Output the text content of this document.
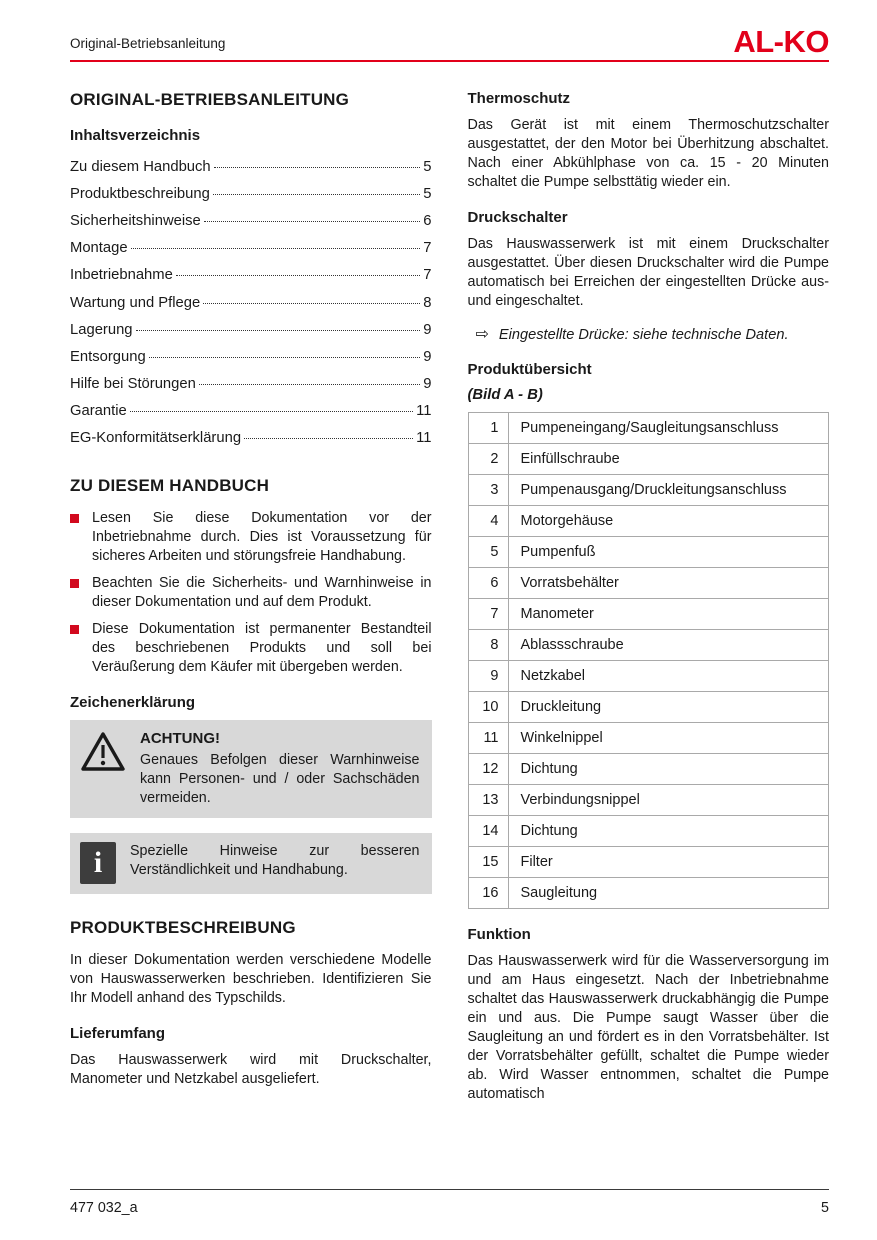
Original-Betriebsanleitung	AL-KO
ORIGINAL-BETRIEBSANLEITUNG
Inhaltsverzeichnis
Zu diesem Handbuch	5
Produktbeschreibung	5
Sicherheitshinweise	6
Montage	7
Inbetriebnahme	7
Wartung und Pflege	8
Lagerung	9
Entsorgung	9
Hilfe bei Störungen	9
Garantie	11
EG-Konformitätserklärung	11
ZU DIESEM HANDBUCH
Lesen Sie diese Dokumentation vor der Inbetriebnahme durch. Dies ist Voraussetzung für sicheres Arbeiten und störungsfreie Handhabung.
Beachten Sie die Sicherheits- und Warnhinweise in dieser Dokumentation und auf dem Produkt.
Diese Dokumentation ist permanenter Bestandteil des beschriebenen Produkts und soll bei Veräußerung dem Käufer mit übergeben werden.
Zeichenerklärung
ACHTUNG!
Genaues Befolgen dieser Warnhinweise kann Personen- und / oder Sachschäden vermeiden.
i	Spezielle Hinweise zur besseren Verständlichkeit und Handhabung.
PRODUKTBESCHREIBUNG

In dieser Dokumentation werden verschiedene Modelle von Hauswasserwerken beschrieben. Identifizieren Sie Ihr Modell anhand des Typschilds.

Lieferumfang

Das Hauswasserwerk wird mit Druckschalter, Manometer und Netzkabel ausgeliefert.

Thermoschutz

Das Gerät ist mit einem Thermoschutzschalter ausgestattet, der den Motor bei Überhitzung abschaltet. Nach einer Abkühlphase von ca. 15 - 20 Minuten schaltet die Pumpe selbsttätig wieder ein.

Druckschalter

Das Hauswasserwerk ist mit einem Druckschalter ausgestattet. Über diesen Druckschalter wird die Pumpe automatisch bei Erreichen der eingestellten Drücke aus- und eingeschaltet.

⇨ Eingestellte Drücke: siehe technische Daten.
Produktübersicht
(Bild A - B)
1	Pumpeneingang/Saugleitungsanschluss
2	Einfüllschraube
3	Pumpenausgang/Druckleitungsanschluss
4	Motorgehäuse
5	Pumpenfuß
6	Vorratsbehälter
7	Manometer
8	Ablassschraube
9	Netzkabel
10	Druckleitung
11	Winkelnippel
12	Dichtung
13	Verbindungsnippel
14	Dichtung
15	Filter
16	Saugleitung
Funktion

Das Hauswasserwerk wird für die Wasserversorgung im und am Haus eingesetzt. Nach der Inbetriebnahme schaltet das Hauswasserwerk druckabhängig die Pumpe ein und aus. Die Pumpe saugt Wasser über die Saugleitung an und fördert es in den Vorratsbehälter. Ist der Vorratsbehälter gefüllt, schaltet die Pumpe wieder ab. Wird Wasser entnommen, schaltet die Pumpe automatisch

477 032_a	5
